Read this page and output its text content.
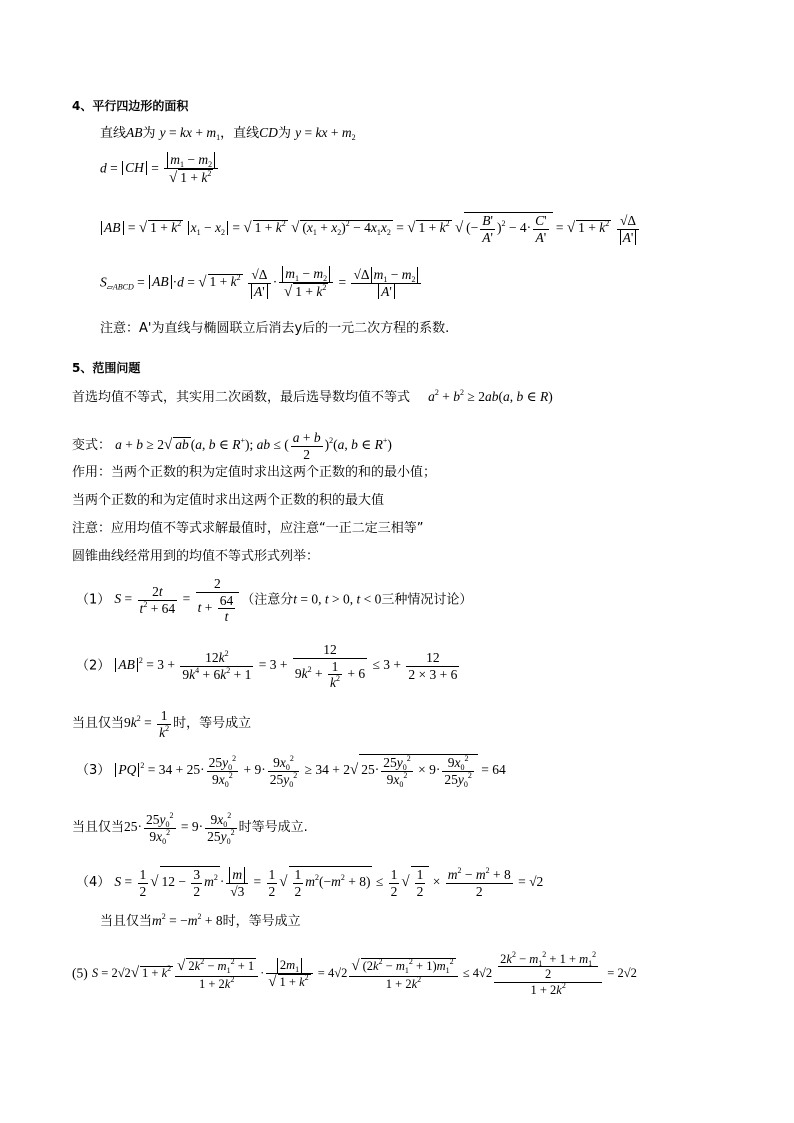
4、平行四边形的面积
直线AB为 y = kx + $m_1$，直线CD为 y = kx + $m_2$
d = CH = $\frac{m_1 - m_2}{√ 1 + k^2}$
AB = √ $1 + k^2$ $x_1 - x_2$ = √ $1 + k^2$ √ $(x_1 + x_2)^2 - 4x_1x_2$ = √ $1 + k^2$ √ (− $\frac{B'}{A'} )^2 - 4\cdot \frac{C'}{A'}$ = √ $1 + k^2 \frac{√\Delta}{A'}$
$S_{▱ABCD}$ = AB ·d = √ $1 + k^2 \frac{√\Delta}{A'} \cdot \frac{m_1 - m_2}{√ 1 + k^2} = \frac{√\Delta m_1 - m_2}{A'}$
注意：A'为直线与椭圆联立后消去y后的一元二次方程的系数.
5、范围问题
首选均值不等式，其实用二次函数，最后选导数均值不等式 $a^2 + b^2 \ge 2ab(a$, b ∈ R)
变式： a + b ≥ 2√ ab (a, b ∈ R+); ab ≤ ( $\frac{a + b}{2} )^2(a$, b ∈ R+)
作用：当两个正数的积为定值时求出这两个正数的和的最小值；
当两个正数的和为定值时求出这两个正数的积的最大值
注意：应用均值不等式求解最值时，应注意“一正二定三相等”
圆锥曲线经常用到的均值不等式形式列举：
（1） $S = \frac{2t}{t^2 + 64} = \frac{2}{t + \frac{64}{t}}$ （注意分t = 0, t > 0, t < 0三种情况讨论）
（2） AB $^2 = 3 + \frac{12k^2}{9k^4 + 6k^2 + 1} = 3 + \frac{12}{9k^2 + \frac{1}{k^2} + 6} \le 3 + \frac{12}{2 \times 3 + 6}$
当且仅当$9k^2 = \frac{1}{k^2}$ 时，等号成立
（3） PQ $^2 = 34 + 25\cdot \frac{25y_0^2}{9x_0^2} + 9\cdot \frac{9x_0^2}{25y_0^2} \ge 34 + 2√$ $25\cdot \frac{25y_0^2}{9x_0^2} \times 9\cdot \frac{9x_0^2}{25y_0^2} = 64$
当且仅当$25\cdot \frac{25y_0^2}{9x_0^2} = 9\cdot \frac{9x_0^2}{25y_0^2}$ 时等号成立.
（4） $S = \frac{1}{2}$ √ $12 - \frac{3}{2} m^2 \cdot \frac{m}{√3} = \frac{1}{2}$ √ $\frac{1}{2} m^2(-m^2 + 8) \le \frac{1}{2}$ √ $\frac{1}{2} \times \frac{m^2 - m^2 + 8}{2} = √2$
当且仅当$m^2 = -m^2 + 8$时，等号成立
(5) S = 2√2√ $1 + k^2 \frac{√ 2k^2 - m_1^2 + 1}{1 + 2k^2} \cdot \frac{2m_1}{√ 1 + k^2} = 4√2 \frac{√ (2k^2 - m_1^2 + 1)m_1^2}{1 + 2k^2} \le 4√2 \frac{\frac{2k^2 - m_1^2 + 1 + m_1^2}{2}}{1 + 2k^2} = 2√2$
